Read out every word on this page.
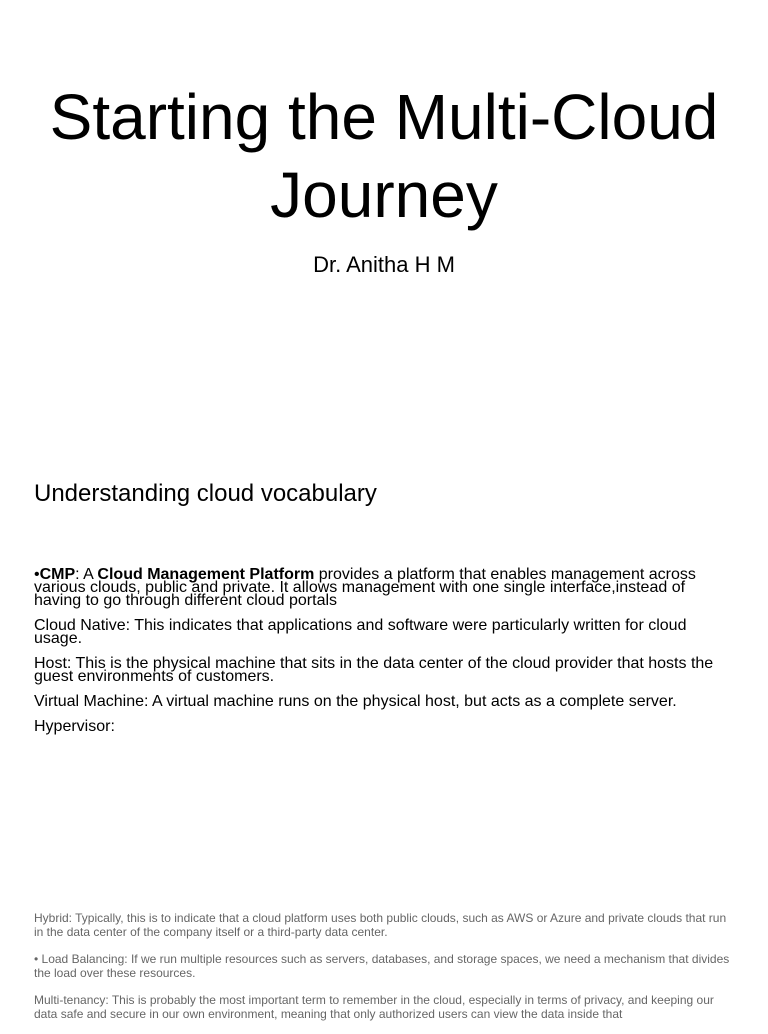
Starting the Multi-Cloud
Journey

Dr. Anitha H M

Understanding cloud vocabulary

•CMP: A Cloud Management Platform provides a platform that enables management across various clouds, public and private. It allows management with one single interface,instead of having to go through different cloud portals

Cloud Native: This indicates that applications and software were particularly written for cloud usage.

Host: This is the physical machine that sits in the data center of the cloud provider that hosts the guest environments of customers.

Virtual Machine: A virtual machine runs on the physical host, but acts as a complete server.

Hypervisor:

Hybrid: Typically, this is to indicate that a cloud platform uses both public clouds, such as AWS or Azure and private clouds that run in the data center of the company itself or a third-party data center.

• Load Balancing: If we run multiple resources such as servers, databases, and storage spaces, we need a mechanism that divides the load over these resources.

Multi-tenancy: This is probably the most important term to remember in the cloud, especially in terms of privacy, and keeping our data safe and secure in our own environment, meaning that only authorized users can view the data inside that
